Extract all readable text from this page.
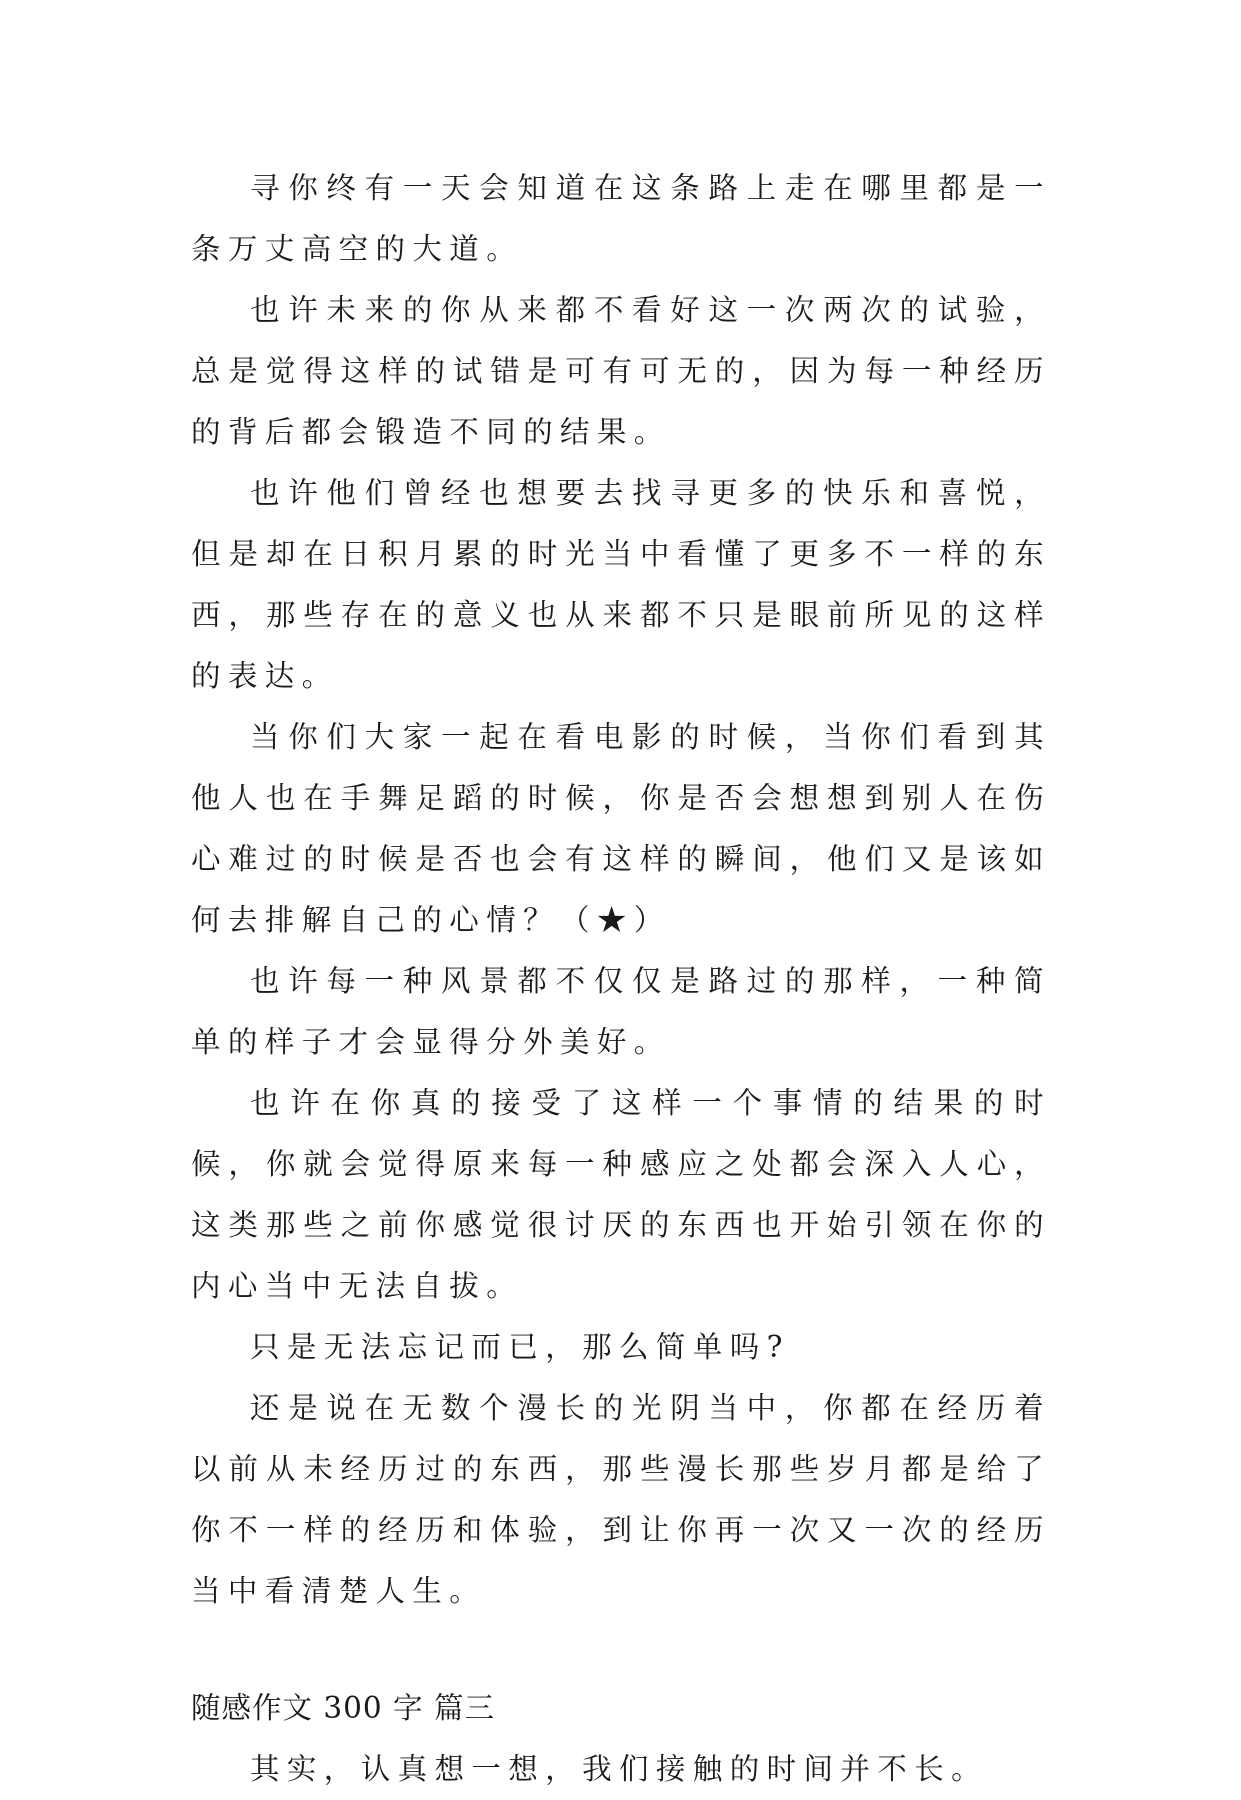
寻你终有一天会知道在这条路上走在哪里都是一条万丈高空的大道。

也许未来的你从来都不看好这一次两次的试验，总是觉得这样的试错是可有可无的，因为每一种经历的背后都会锻造不同的结果。

也许他们曾经也想要去找寻更多的快乐和喜悦，但是却在日积月累的时光当中看懂了更多不一样的东西，那些存在的意义也从来都不只是眼前所见的这样的表达。

当你们大家一起在看电影的时候，当你们看到其他人也在手舞足蹈的时候，你是否会想想到别人在伤心难过的时候是否也会有这样的瞬间，他们又是该如何去排解自己的心情？（★）

也许每一种风景都不仅仅是路过的那样，一种简单的样子才会显得分外美好。

也许在你真的接受了这样一个事情的结果的时候，你就会觉得原来每一种感应之处都会深入人心，这类那些之前你感觉很讨厌的东西也开始引领在你的内心当中无法自拔。

只是无法忘记而已，那么简单吗?

还是说在无数个漫长的光阴当中，你都在经历着以前从未经历过的东西，那些漫长那些岁月都是给了你不一样的经历和体验，到让你再一次又一次的经历当中看清楚人生。

随感作文 300 字 篇三

其实，认真想一想，我们接触的时间并不长。
